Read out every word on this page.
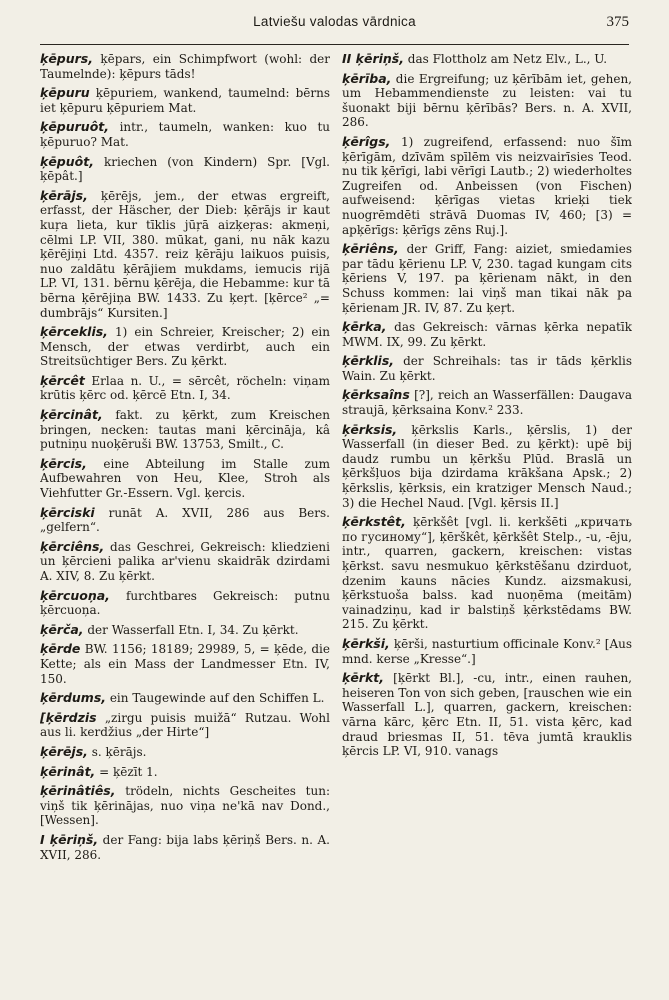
Latviešu valodas vārdnica	375

ķēpurs, ķēpars, ein Schimpfwort (wohl: der Taumelnde): ķēpurs tāds!

ķēpuru ķēpuriem, wankend, taumelnd: bērns iet ķēpuru ķēpuriem Mat.

ķēpuruôt, intr., taumeln, wanken: kuo tu ķēpuruo? Mat.

ķēpuôt, kriechen (von Kindern) Spr. [Vgl. ķēpât.]

ķērājs, ķērējs, jem., der etwas ergreift, erfasst, der Häscher, der Dieb: ķērājs ir kaut kuŗa lieta, kur tīklis jūŗā aizķeŗas: akmeņi, cēlmi LP. VII, 380. mūkat, gani, nu nāk kazu ķērējiņi Ltd. 4357. reiz ķērāju laikuos puisis, nuo zaldātu ķērājiem mukdams, iemucis rijā LP. VI, 131. bērnu ķērēja, die Hebamme: kur tā bērna ķērējiņa BW. 1433. Zu ķeŗt. [ķērce² „= dumbrājs“ Kursiten.]

ķērceklis, 1) ein Schreier, Kreischer; 2) ein Mensch, der etwas verdirbt, auch ein Streitsüchtiger Bers. Zu ķērkt.

ķērcêt Erlaa n. U., = sērcêt, röcheln: viņam krūtis ķērc od. ķērcē Etn. I, 34.

ķērcinât, fakt. zu ķērkt, zum Kreischen bringen, necken: tautas mani ķērcināja, kâ putniņu nuoķēruši BW. 13753, Smilt., C.

ķērcis, eine Abteilung im Stalle zum Aufbewahren von Heu, Klee, Stroh als Viehfutter Gr.-Essern. Vgl. ķercis.

ķērciski runāt A. XVII, 286 aus Bers. „gelfern“.

ķērciêns, das Geschrei, Gekreisch: kliedzieni un ķērcieni palika ar'vienu skaidrāk dzirdami A. XIV, 8. Zu ķērkt.

ķērcuoņa, furchtbares Gekreisch: putnu ķērcuoņa.

ķērča, der Wasserfall Etn. I, 34. Zu ķērkt.

ķērde BW. 1156; 18189; 29989, 5, = ķēde, die Kette; als ein Mass der Landmesser Etn. IV, 150.

ķērdums, ein Taugewinde auf den Schiffen L.

[ķērdzis „zirgu puisis muižā“ Rutzau. Wohl aus li. kerdžius „der Hirte“]

ķērējs, s. ķērājs.

ķērinât, = ķēzīt 1.

ķērinâtiês, trödeln, nichts Gescheites tun: viņš tik ķērinājas, nuo viņa ne'kā nav Dond., [Wessen].

I ķēriņš, der Fang: bija labs ķēriņš Bers. n. A. XVII, 286.

II ķēriņš, das Flottholz am Netz Elv., L., U.

ķērība, die Ergreifung; uz ķērībām iet, gehen, um Hebammendienste zu leisten: vai tu šuonakt biji bērnu ķērībās? Bers. n. A. XVII, 286.

ķērîgs, 1) zugreifend, erfassend: nuo šīm ķērīgām, dzīvām spīlēm vis neizvairīsies Teod. nu tik ķērīgi, labi vērīgi Lautb.; 2) wiederholtes Zugreifen od. Anbeissen (von Fischen) aufweisend: ķērīgas vietas krieķi tiek nuogrēmdēti strāvā Duomas IV, 460; [3) = apķērīgs: ķērīgs zēns Ruj.].

ķēriêns, der Griff, Fang: aiziet, smiedamies par tādu ķērienu LP. V, 230. tagad kungam cits ķēriens V, 197. pa ķērienam nākt, in den Schuss kommen: lai viņš man tikai nāk pa ķērienam JR. IV, 87. Zu ķeŗt.

ķērka, das Gekreisch: vārnas ķērka nepatīk MWM. IX, 99. Zu ķērkt.

ķērklis, der Schreihals: tas ir tāds ķērklis Wain. Zu ķērkt.

ķērksaîns [?], reich an Wasserfällen: Daugava straujā, ķērksaina Konv.² 233.

ķērksis, ķērkslis Karls., ķērslis, 1) der Wasserfall (in dieser Bed. zu ķērkt): upē bij daudz rumbu un ķērkšu Plūd. Braslā un ķērkšļuos bija dzirdama krākšana Apsk.; 2) ķērkslis, ķērksis, ein kratziger Mensch Naud.; 3) die Hechel Naud. [Vgl. ķērsis II.]

ķērkstêt, ķērkšêt [vgl. li. kerkšēti „кричать по гусиному“], ķērškêt, ķērkšêt Stelp., -u, -ēju, intr., quarren, gackern, kreischen: vistas ķērkst. savu nesmukuo ķērkstēšanu dzirduot, dzenim kauns nācies Kundz. aizsmakusi, ķērkstuoša balss. kad nuoņēma (meitām) vainadziņu, kad ir balstiņš ķērkstēdams BW. 215. Zu ķērkt.

ķērkši, ķērši, nasturtium officinale Konv.² [Aus mnd. kerse „Kresse“.]

ķērkt, [ķērkt Bl.], -cu, intr., einen rauhen, heiseren Ton von sich geben, [rauschen wie ein Wasserfall L.], quarren, gackern, kreischen: vārna kārc, ķērc Etn. II, 51. vista ķērc, kad draud briesmas II, 51. tēva jumtā krauklis ķērcis LP. VI, 910. vanags
